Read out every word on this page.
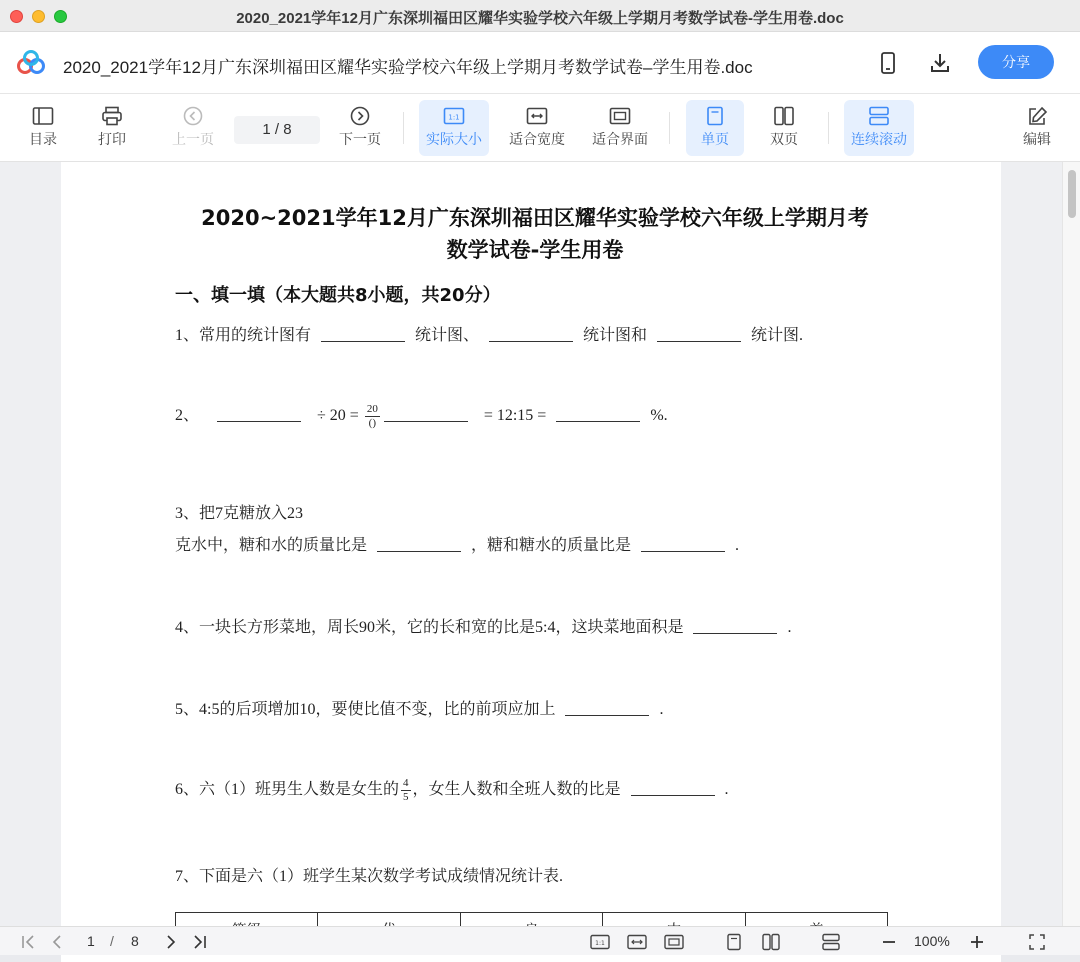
2020_2021学年12月广东深圳福田区耀华实验学校六年级上学期月考数学试卷-学生用卷.doc
2020_2021学年12月广东深圳福田区耀华实验学校六年级上学期月考数学试卷–学生用卷.doc	分享
目录	打印	上一页
1 / 8
下一页
1:1
实际大小	适合宽度	适合界面	单页	双页	连续滚动	编辑
2020~2021学年12月广东深圳福田区耀华实验学校六年级上学期月考
数学试卷-学生用卷
一、填一填（本大题共8小题，共20分）
1、常用的统计图有	统计图、	统计图和	统计图.
2、	÷ $20 = \frac{20}{()}$	= 12:15 =	%.
3、把7克糖放入23
克水中，糖和水的质量比是	，糖和糖水的质量比是	.
4、一块长方形菜地，周长90米，它的长和宽的比是5:4，这块菜地面积是	.
5、4:5的后项增加10，要使比值不变，比的前项应加上	.
6、六（1）班男生人数是女生的 $\frac{4}{5}$ ，女生人数和全班人数的比是	.
7、下面是六（1）班学生某次数学考试成绩情况统计表.

1 / 8	1:1	100%
